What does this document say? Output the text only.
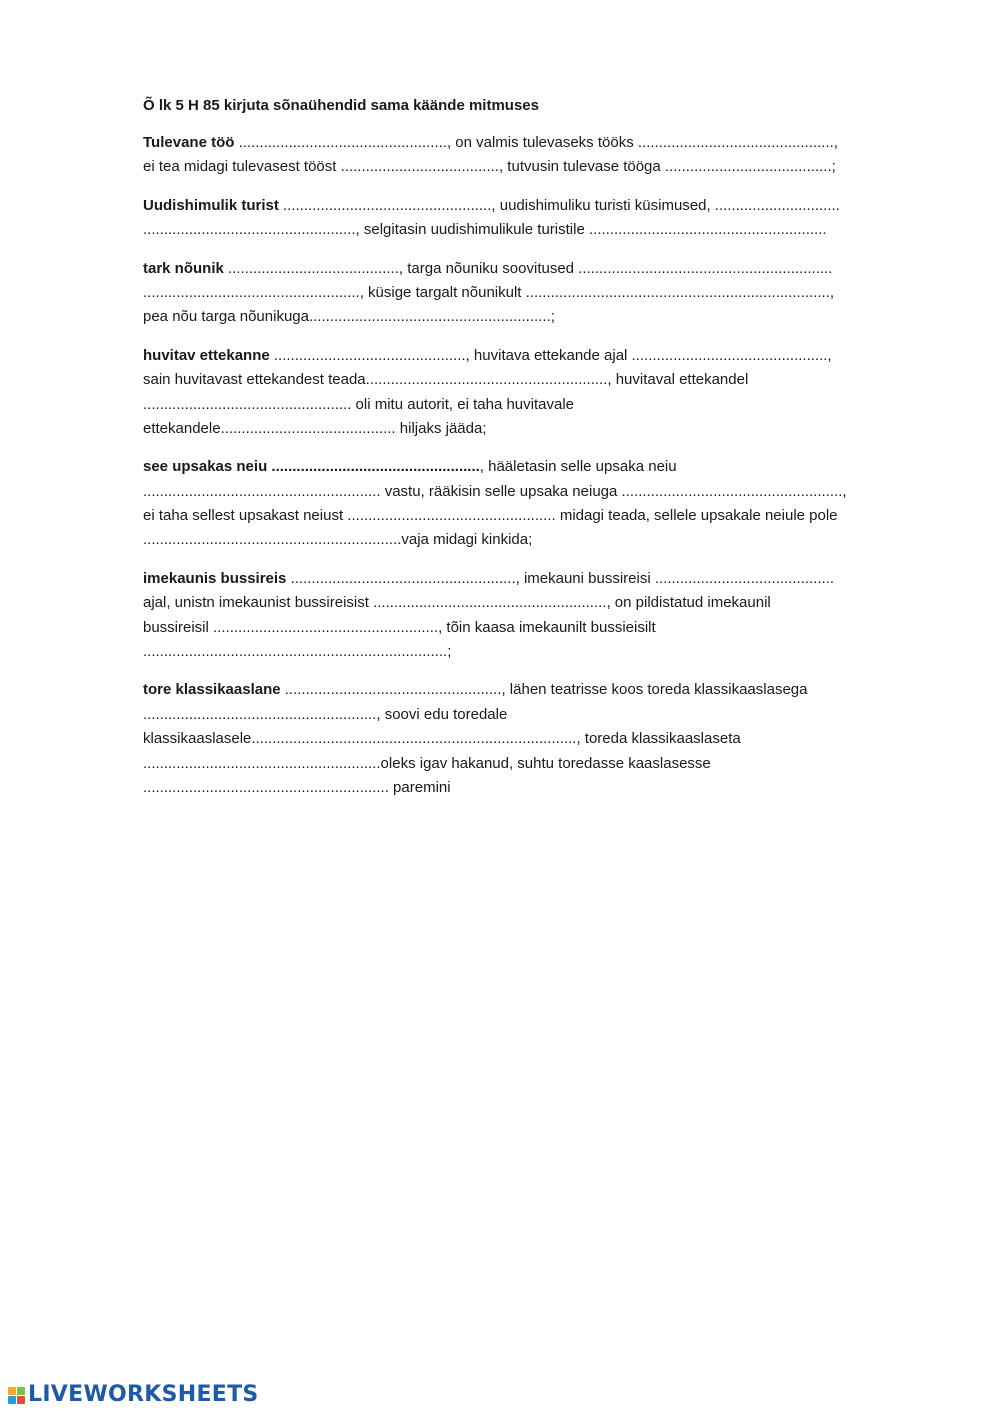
Õ lk 5 H 85 kirjuta sõnaühendid sama käände mitmuses
Tulevane töö .................................................., on valmis tulevaseks tööks ...............................................,
ei tea midagi tulevasest tööst ......................................, tutvusin tulevase tööga ........................................;
Uudishimulik turist .................................................., uudishimuliku turisti küsimused, ..............................
..................................................., selgitasin uudishimulikule turistile .........................................................
tark nõunik ........................................., targa nõuniku soovitused .............................................................
...................................................., küsige targalt nõunikult .........................................................................,
pea nõu targa nõunikuga..........................................................;
huvitav ettekanne .............................................., huvitava ettekande ajal ...............................................,
sain huvitavast ettekandest teada.........................................................., huvitaval ettekandel
.................................................. oli mitu autorit, ei taha huvitavale
ettekandele.......................................... hiljaks jääda;
see upsakas neiu .................................................., hääletasin selle upsaka neiu
......................................................... vastu, rääkisin selle upsaka neiuga .....................................................,
ei taha sellest upsakast neiust .................................................. midagi teada, sellele upsakale neiule pole
..............................................................vaja midagi kinkida;
imekaunis bussireis ......................................................, imekauni bussireisi ...........................................
ajal, unistn imekaunist bussireisist ........................................................, on pildistatud imekaunil
bussireisil ......................................................, tõin kaasa imekaunilt bussieisilt
.........................................................................;
tore klassikaaslane ...................................................., lähen teatrisse koos toreda klassikaaslasega
........................................................, soovi edu toredale
klassikaaslasele.............................................................................., toreda klassikaaslaseta
.........................................................oleks igav hakanud, suhtu toredasse kaaslasesse
........................................................... paremini
LIVEWORKSHEETS
